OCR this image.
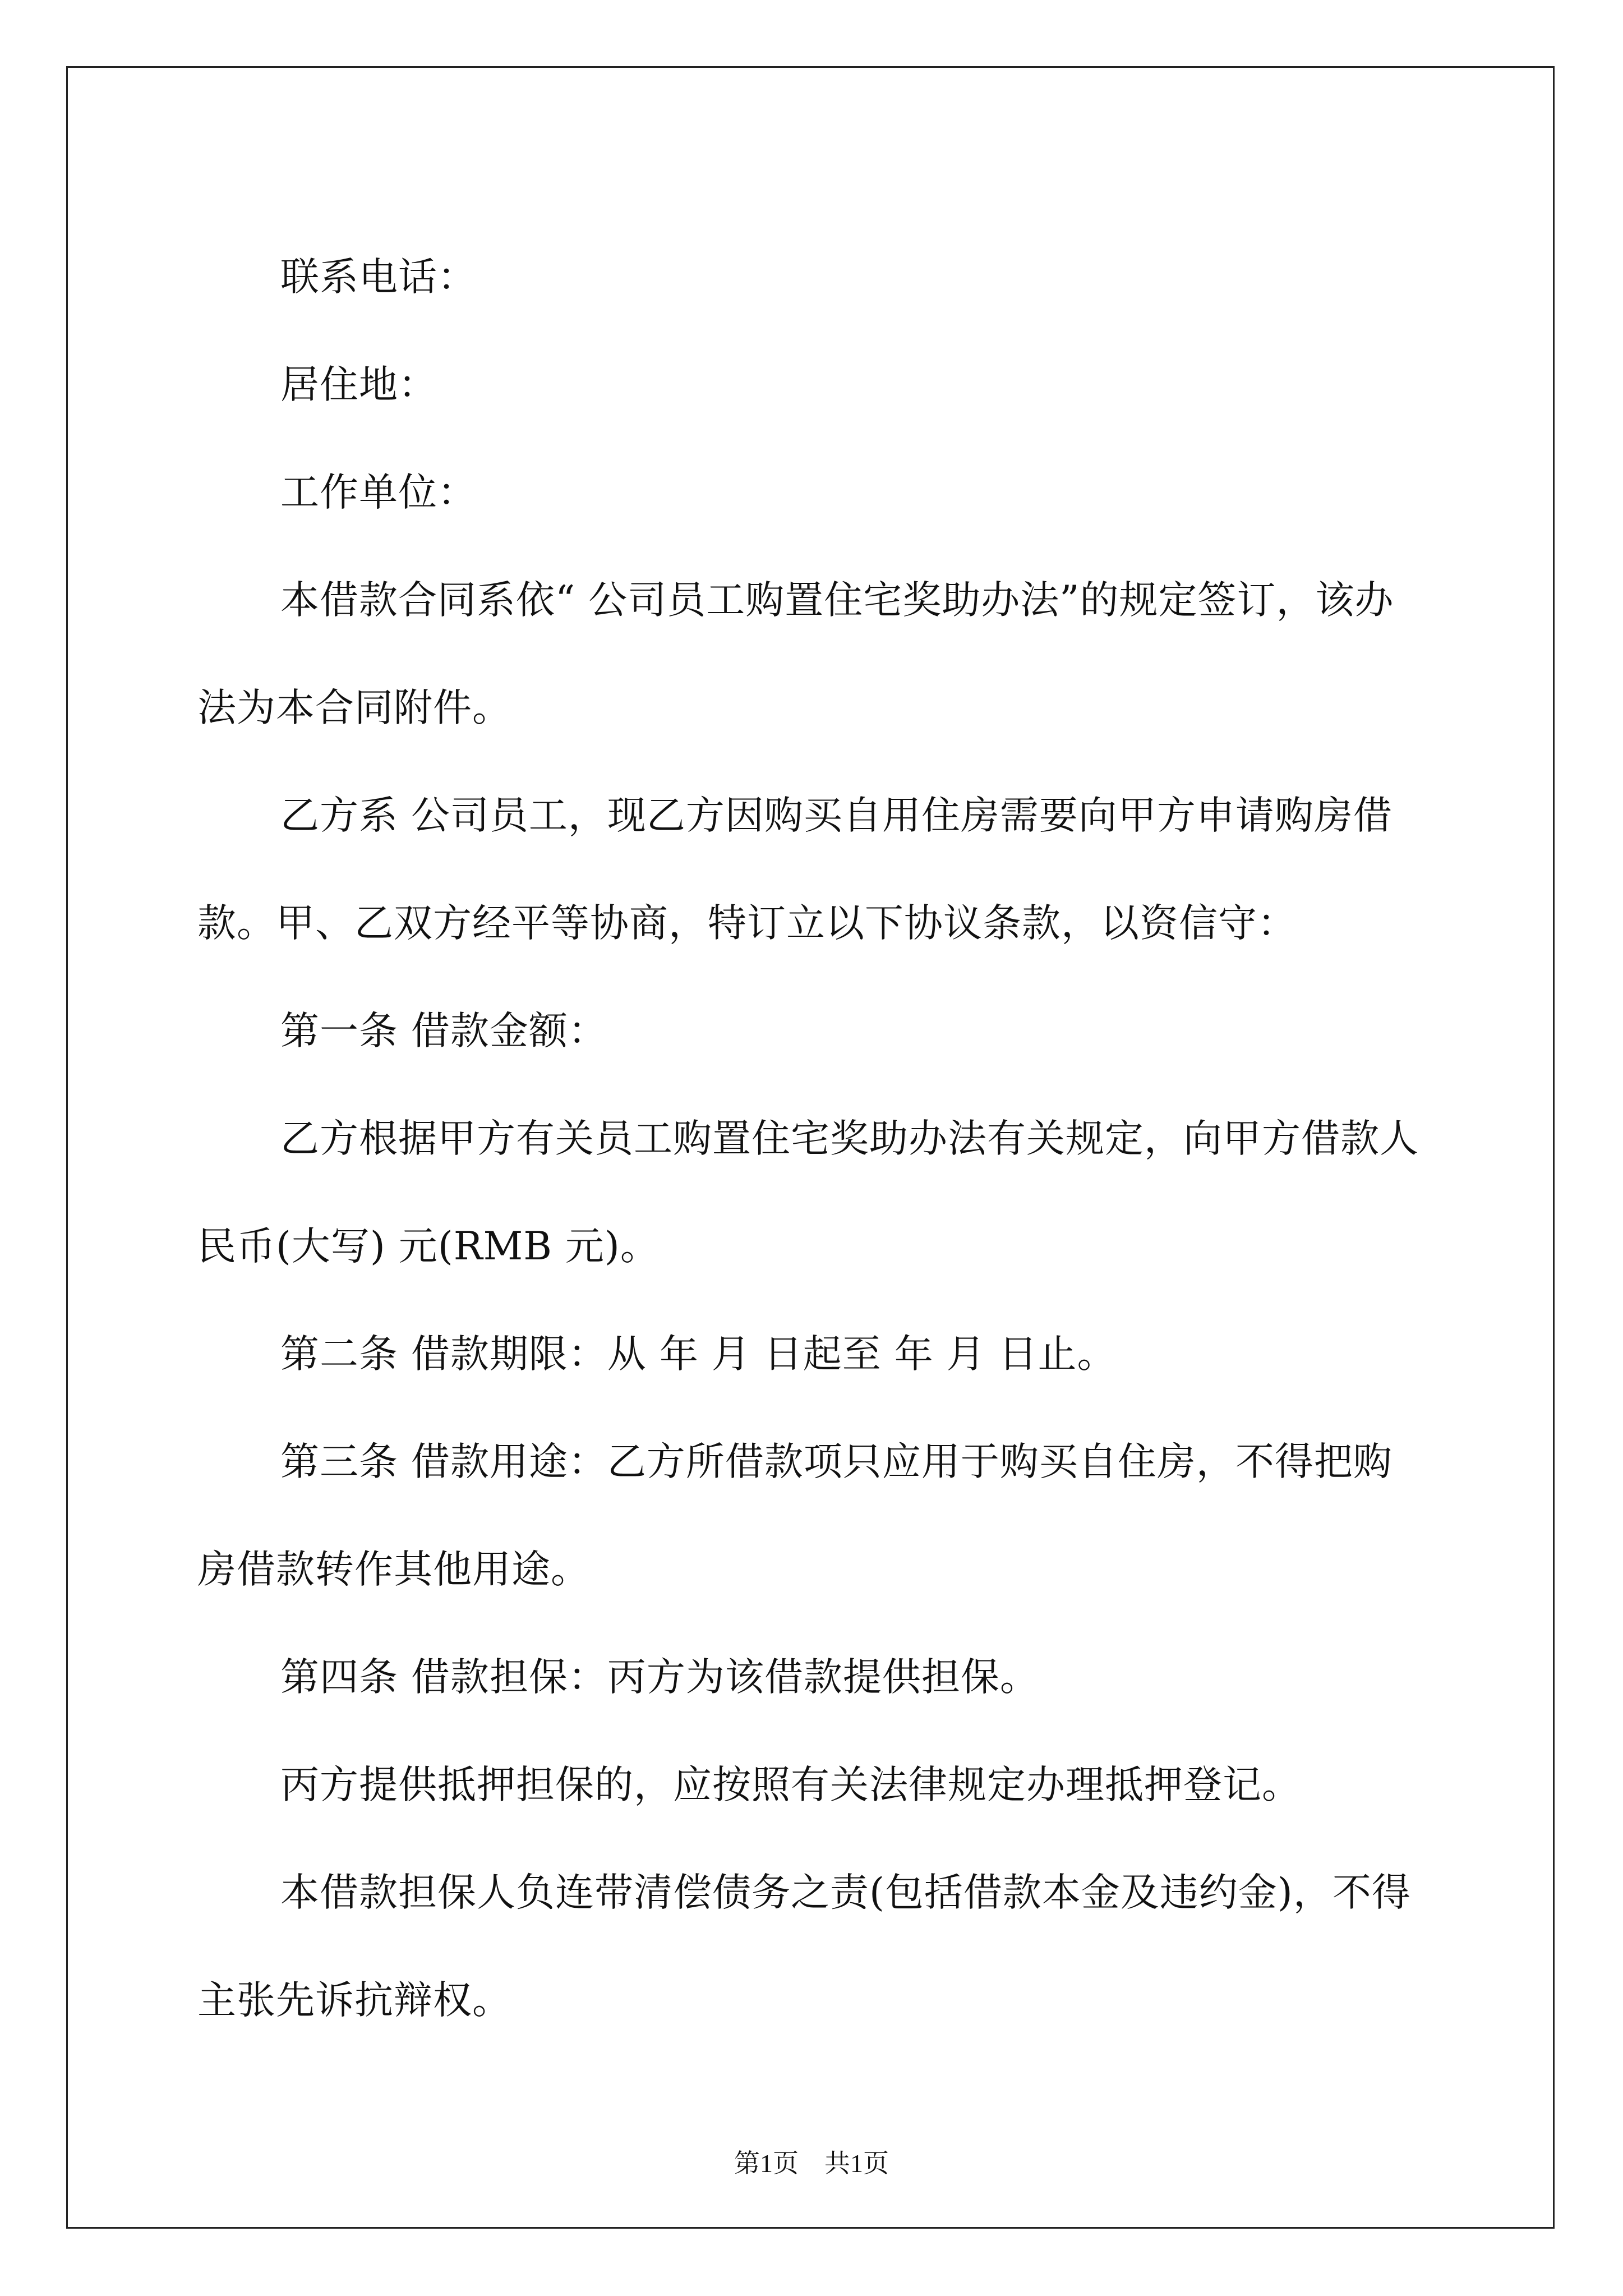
联系电话：

居住地：

工作单位：

本借款合同系依“ 公司员工购置住宅奖助办法”的规定签订，该办法为本合同附件。

乙方系 公司员工，现乙方因购买自用住房需要向甲方申请购房借款。甲、乙双方经平等协商，特订立以下协议条款，以资信守：

第一条 借款金额：

乙方根据甲方有关员工购置住宅奖助办法有关规定，向甲方借款人民币(大写) 元(RMB 元)。

第二条 借款期限：从 年 月 日起至 年 月 日止。

第三条 借款用途：乙方所借款项只应用于购买自住房，不得把购房借款转作其他用途。

第四条 借款担保：丙方为该借款提供担保。

丙方提供抵押担保的，应按照有关法律规定办理抵押登记。

本借款担保人负连带清偿债务之责(包括借款本金及违约金)，不得主张先诉抗辩权。

第1页　共1页
